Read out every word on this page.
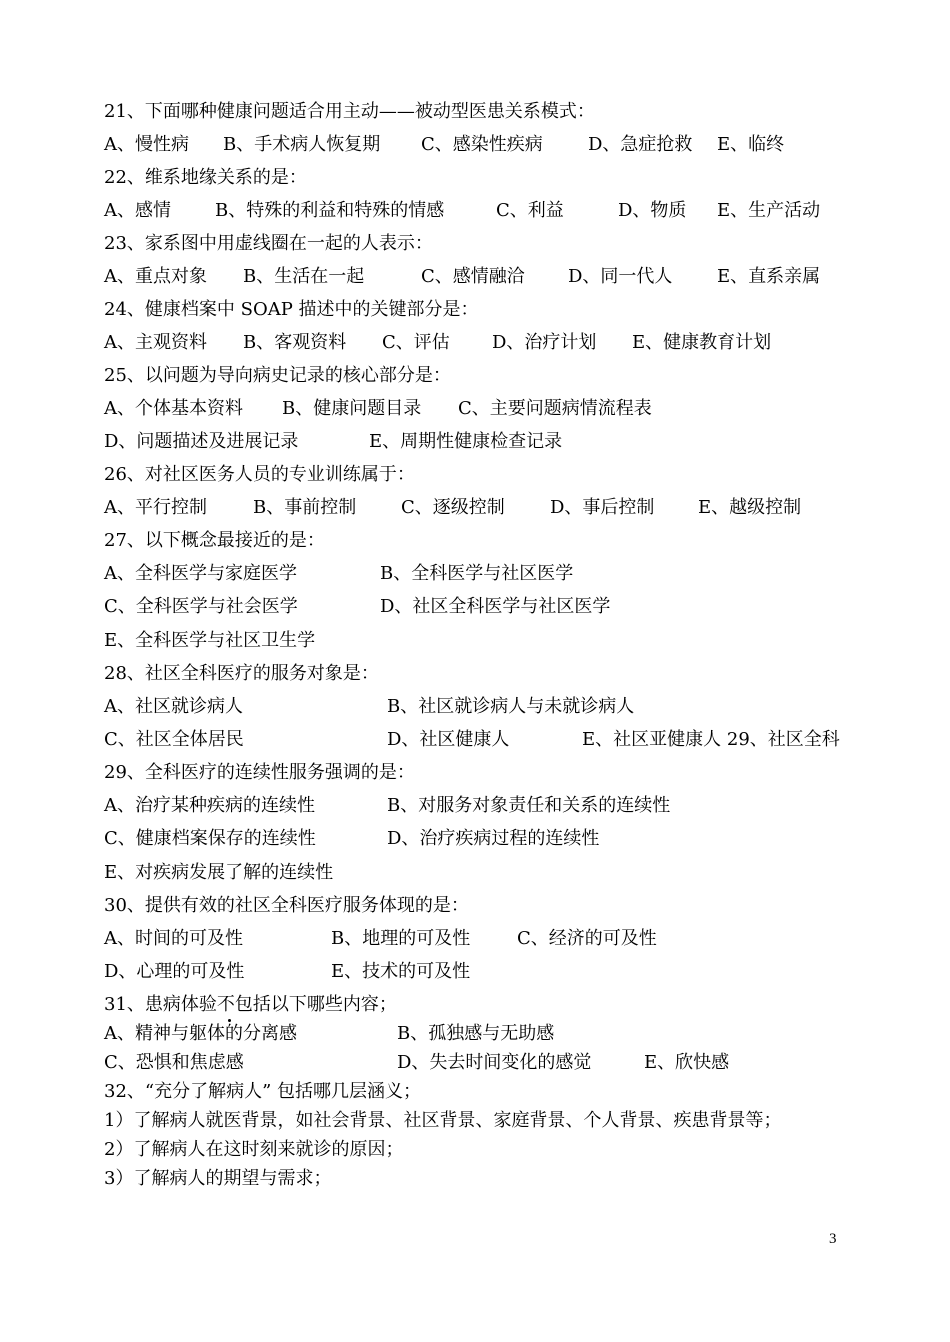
21、下面哪种健康问题适合用主动——被动型医患关系模式：
A、慢性病 B、手术病人恢复期 C、感染性疾病	D、急症抢救 E、临终
22、维系地缘关系的是：
A、感情 B、特殊的利益和特殊的情感	C、利益	D、物质 E、生产活动
23、家系图中用虚线圈在一起的人表示：
A、重点对象 B、生活在一起	C、感情融洽 D、同一代人 E、直系亲属
24、健康档案中 SOAP 描述中的关键部分是：
A、主观资料 B、客观资料 C、评估 D、治疗计划 E、健康教育计划
25、以问题为导向病史记录的核心部分是：
A、个体基本资料 B、健康问题目录 C、主要问题病情流程表
D、问题描述及进展记录	E、周期性健康检查记录
26、对社区医务人员的专业训练属于：
A、平行控制	B、事前控制 C、逐级控制	D、事后控制 E、越级控制
27、以下概念最接近的是：
A、全科医学与家庭医学	B、全科医学与社区医学
C、全科医学与社会医学	D、社区全科医学与社区医学
E、全科医学与社区卫生学
28、社区全科医疗的服务对象是：
A、社区就诊病人	B、社区就诊病人与未就诊病人
C、社区全体居民	D、社区健康人	E、社区亚健康人 29、社区全科
29、全科医疗的连续性服务强调的是：
A、治疗某种疾病的连续性	B、对服务对象责任和关系的连续性
C、健康档案保存的连续性	D、治疗疾病过程的连续性
E、对疾病发展了解的连续性
30、提供有效的社区全科医疗服务体现的是：
A、时间的可及性	B、地理的可及性	C、经济的可及性
D、心理的可及性	E、技术的可及性
31、患病体验不包括以下哪些内容；
A、精神与躯体的分离感	B、孤独感与无助感
C、恐惧和焦虑感	D、失去时间变化的感觉	E、欣快感
32、“充分了解病人” 包括哪几层涵义；
1）了解病人就医背景，如社会背景、社区背景、家庭背景、个人背景、疾患背景等；
2）了解病人在这时刻来就诊的原因；
3）了解病人的期望与需求；
3
